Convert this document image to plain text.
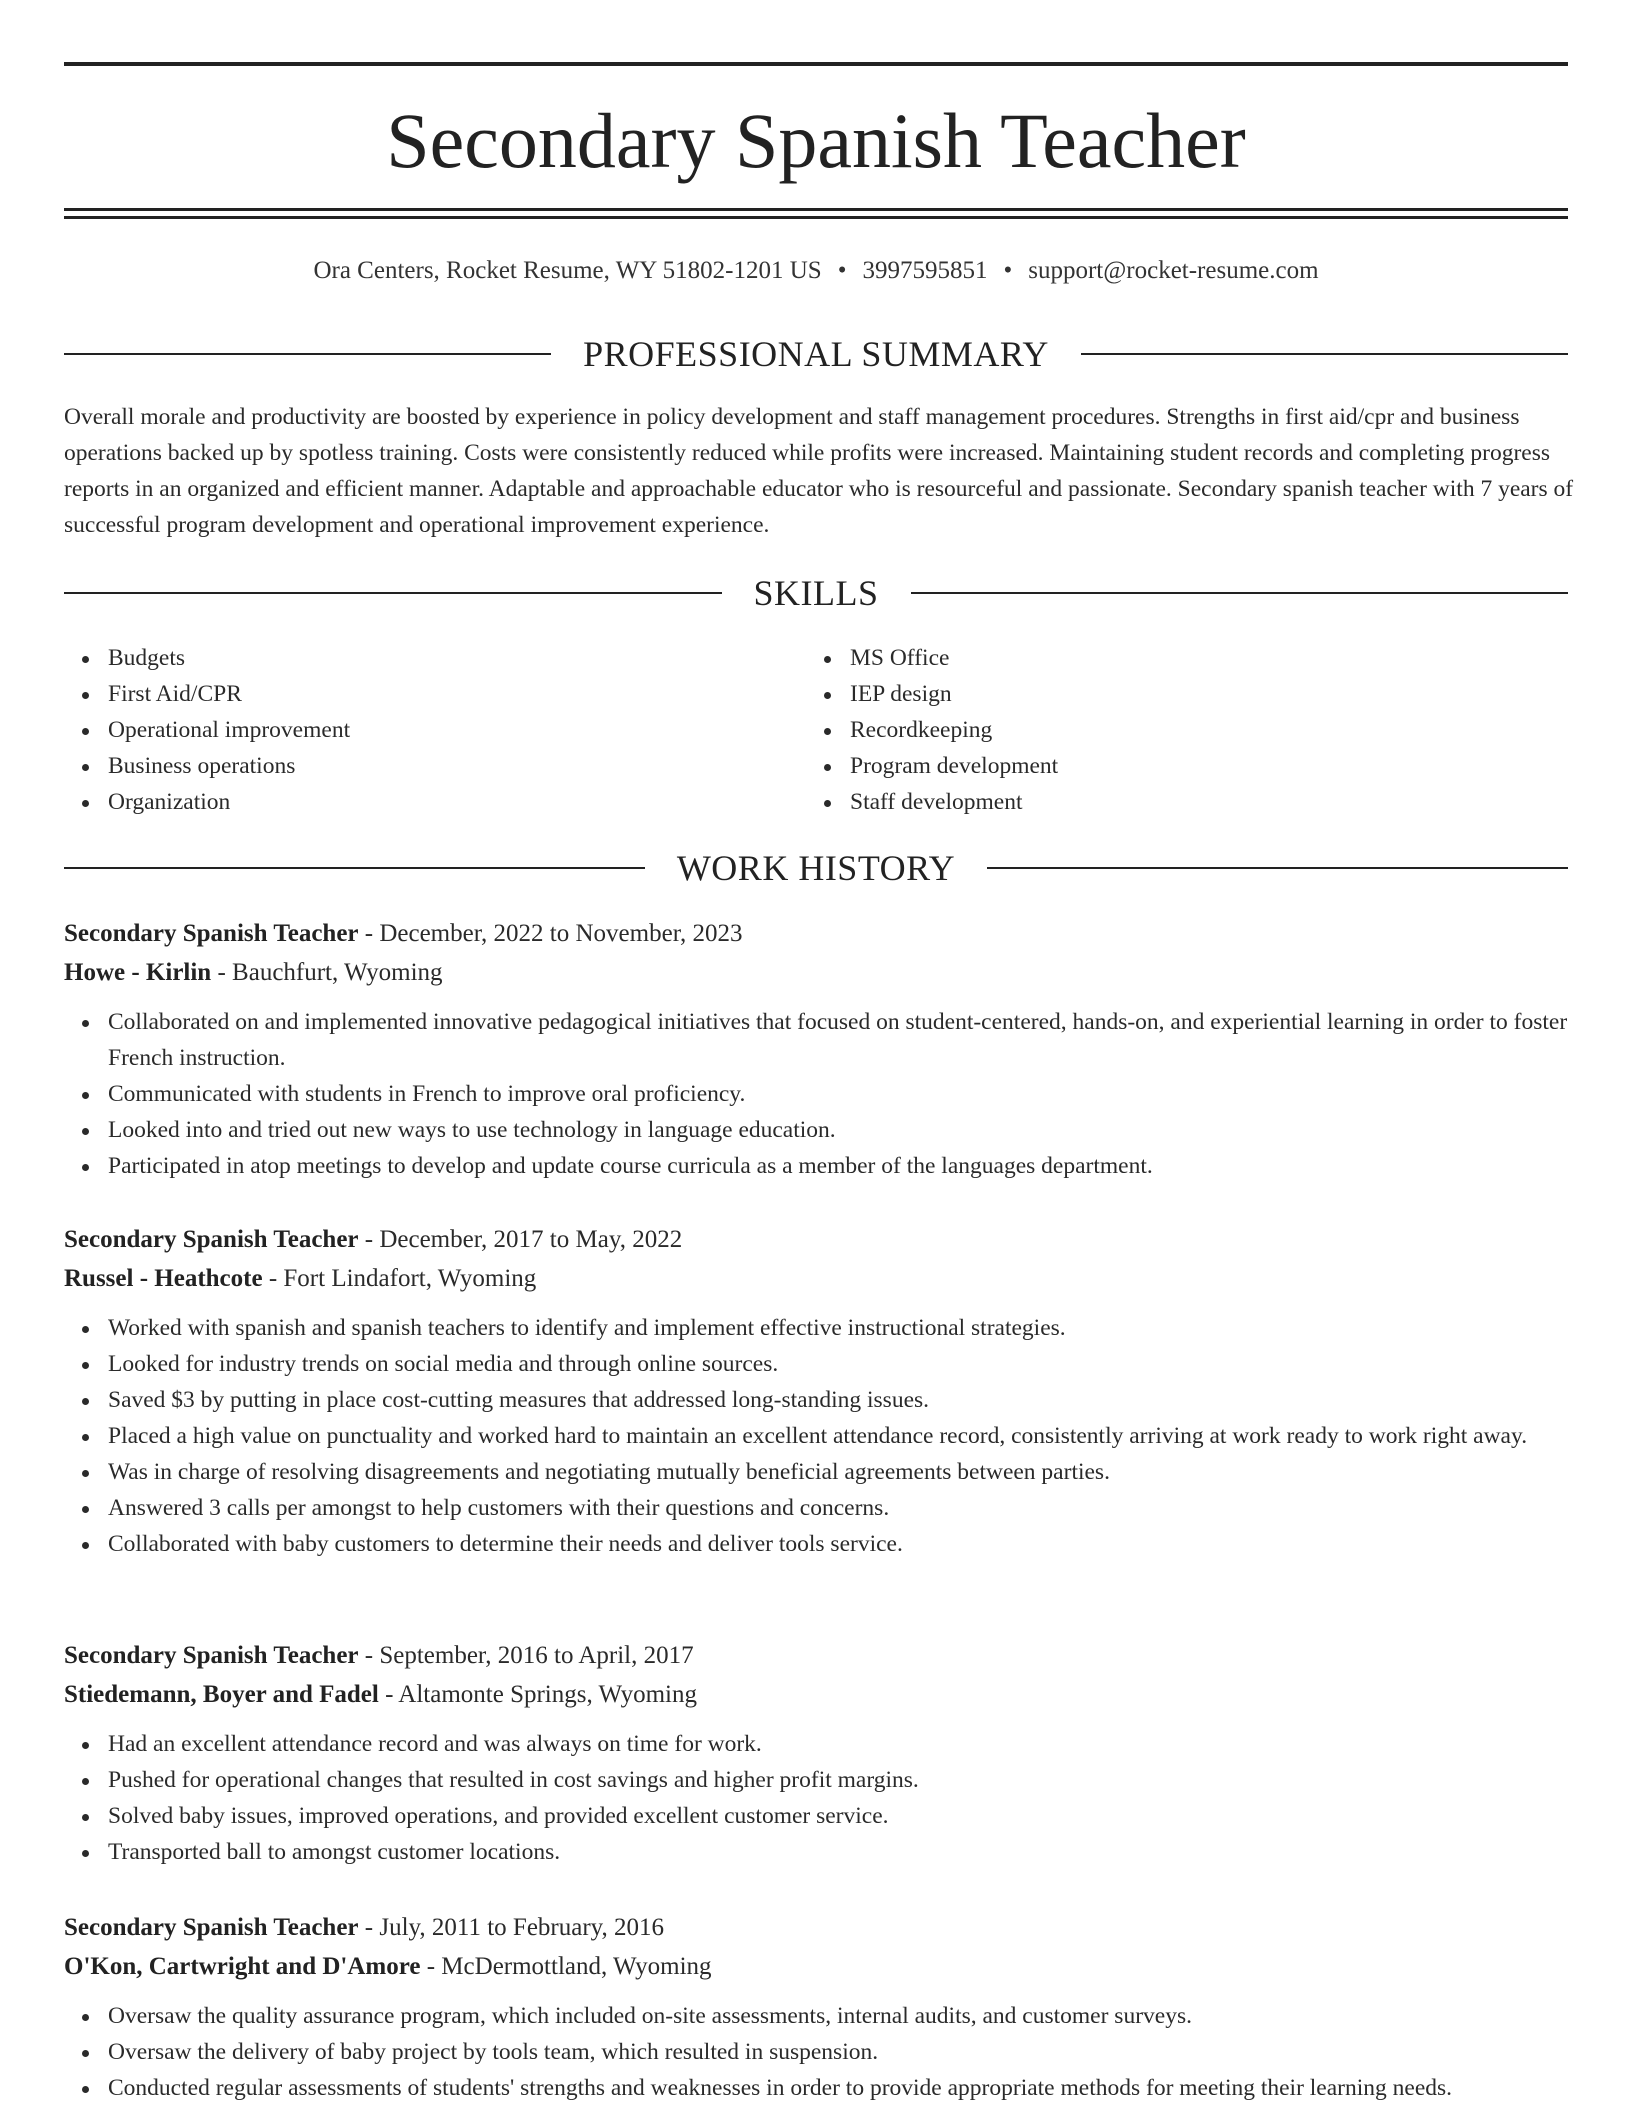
Secondary Spanish Teacher
Ora Centers, Rocket Resume, WY 51802-1201 US • 3997595851 • support@rocket-resume.com
PROFESSIONAL SUMMARY
Overall morale and productivity are boosted by experience in policy development and staff management procedures. Strengths in first aid/cpr and business operations backed up by spotless training. Costs were consistently reduced while profits were increased. Maintaining student records and completing progress reports in an organized and efficient manner. Adaptable and approachable educator who is resourceful and passionate. Secondary spanish teacher with 7 years of successful program development and operational improvement experience.
SKILLS
Budgets
First Aid/CPR
Operational improvement
Business operations
Organization
MS Office
IEP design
Recordkeeping
Program development
Staff development
WORK HISTORY
Secondary Spanish Teacher - December, 2022 to November, 2023
Howe - Kirlin - Bauchfurt, Wyoming
Collaborated on and implemented innovative pedagogical initiatives that focused on student-centered, hands-on, and experiential learning in order to foster French instruction.
Communicated with students in French to improve oral proficiency.
Looked into and tried out new ways to use technology in language education.
Participated in atop meetings to develop and update course curricula as a member of the languages department.
Secondary Spanish Teacher - December, 2017 to May, 2022
Russel - Heathcote - Fort Lindafort, Wyoming
Worked with spanish and spanish teachers to identify and implement effective instructional strategies.
Looked for industry trends on social media and through online sources.
Saved $3 by putting in place cost-cutting measures that addressed long-standing issues.
Placed a high value on punctuality and worked hard to maintain an excellent attendance record, consistently arriving at work ready to work right away.
Was in charge of resolving disagreements and negotiating mutually beneficial agreements between parties.
Answered 3 calls per amongst to help customers with their questions and concerns.
Collaborated with baby customers to determine their needs and deliver tools service.
Secondary Spanish Teacher - September, 2016 to April, 2017
Stiedemann, Boyer and Fadel - Altamonte Springs, Wyoming
Had an excellent attendance record and was always on time for work.
Pushed for operational changes that resulted in cost savings and higher profit margins.
Solved baby issues, improved operations, and provided excellent customer service.
Transported ball to amongst customer locations.
Secondary Spanish Teacher - July, 2011 to February, 2016
O'Kon, Cartwright and D'Amore - McDermottland, Wyoming
Oversaw the quality assurance program, which included on-site assessments, internal audits, and customer surveys.
Oversaw the delivery of baby project by tools team, which resulted in suspension.
Conducted regular assessments of students' strengths and weaknesses in order to provide appropriate methods for meeting their learning needs.
